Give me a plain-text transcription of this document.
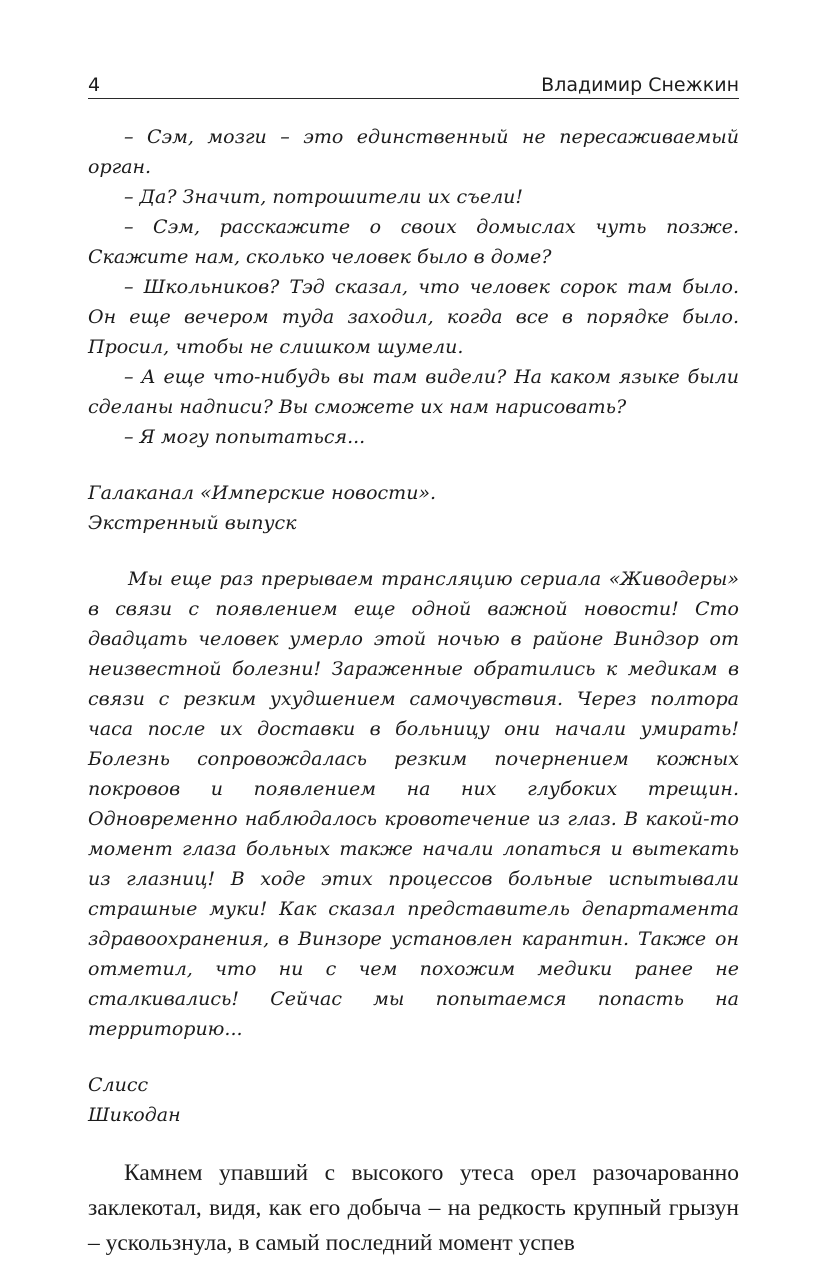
4	Владимир Снежкин

– Сэм, мозги – это единственный не пересаживаемый орган.

– Да? Значит, потрошители их съели!

– Сэм, расскажите о своих домыслах чуть позже. Скажите нам, сколько человек было в доме?

– Школьников? Тэд сказал, что человек сорок там было. Он еще вечером туда заходил, когда все в порядке было. Просил, чтобы не слишком шумели.

– А еще что-нибудь вы там видели? На каком языке были сделаны надписи? Вы сможете их нам нарисовать?

– Я могу попытаться...

Галаканал «Имперские новости».

Экстренный выпуск

Мы еще раз прерываем трансляцию сериала «Живодеры» в связи с появлением еще одной важной новости! Сто двадцать человек умерло этой ночью в районе Виндзор от неизвестной болезни! Зараженные обратились к медикам в связи с резким ухудшением самочувствия. Через полтора часа после их доставки в больницу они начали умирать! Болезнь сопровождалась резким почернением кожных покровов и появлением на них глубоких трещин. Одновременно наблюдалось кровотечение из глаз. В какой-то момент глаза больных также начали лопаться и вытекать из глазниц! В ходе этих процессов больные испытывали страшные муки! Как сказал представитель департамента здравоохранения, в Винзоре установлен карантин. Также он отметил, что ни с чем похожим медики ранее не сталкивались! Сейчас мы попытаемся попасть на территорию...

Слисс

Шикодан

Камнем упавший с высокого утеса орел разочарованно заклекотал, видя, как его добыча – на редкость крупный грызун – ускользнула, в самый последний момент успев
